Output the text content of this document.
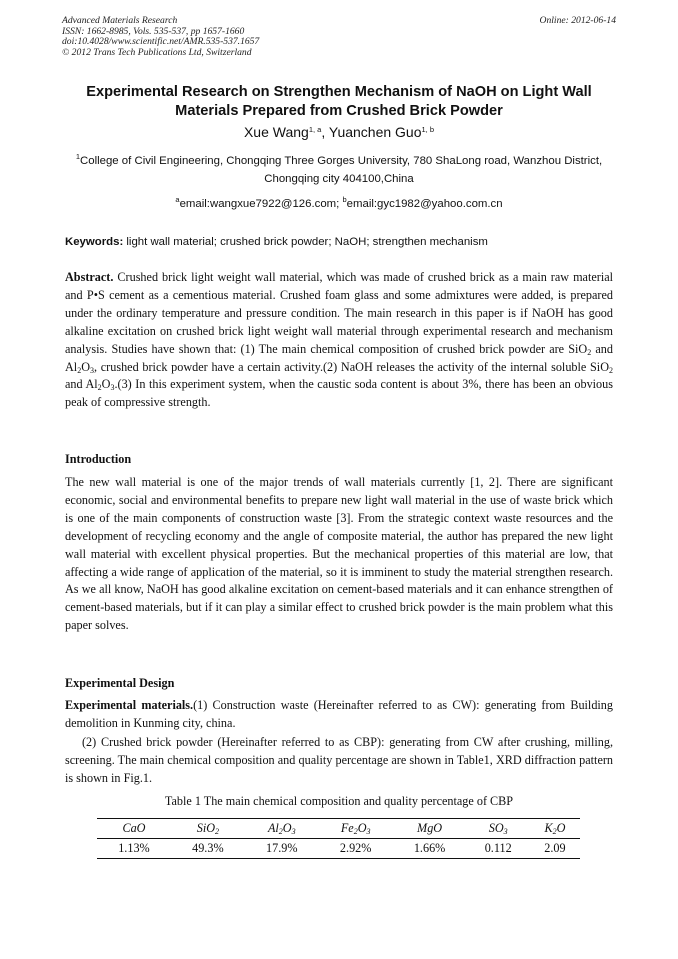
Advanced Materials Research
ISSN: 1662-8985, Vols. 535-537, pp 1657-1660
doi:10.4028/www.scientific.net/AMR.535-537.1657
© 2012 Trans Tech Publications Ltd, Switzerland
Online: 2012-06-14
Experimental Research on Strengthen Mechanism of NaOH on Light Wall
Materials Prepared from Crushed Brick Powder
Xue Wang$^{1, a}$, Yuanchen Guo$^{1, b}$
$^1$College of Civil Engineering, Chongqing Three Gorges University, 780 ShaLong road, Wanzhou District, Chongqing city 404100,China
$^a$email:wangxue7922@126.com; $^b$email:gyc1982@yahoo.com.cn
Keywords: light wall material; crushed brick powder; NaOH; strengthen mechanism
Abstract. Crushed brick light weight wall material, which was made of crushed brick as a main raw material and P•S cement as a cementious material. Crushed foam glass and some admixtures were added, is prepared under the ordinary temperature and pressure condition. The main research in this paper is if NaOH has good alkaline excitation on crushed brick light weight wall material through experimental research and mechanism analysis. Studies have shown that: (1) The main chemical composition of crushed brick powder are SiO$_2$ and $Al_2O_3$, crushed brick powder have a certain activity.(2) NaOH releases the activity of the internal soluble SiO$_2$ and $Al_2O_3.(3)$ In this experiment system, when the caustic soda content is about 3%, there has been an obvious peak of compressive strength.
Introduction
The new wall material is one of the major trends of wall materials currently [1, 2]. There are significant economic, social and environmental benefits to prepare new light wall material in the use of waste brick which is one of the main components of construction waste [3]. From the strategic context waste resources and the development of recycling economy and the angle of composite material, the author has prepared the new light wall material with excellent physical properties. But the mechanical properties of this material are low, that affecting a wide range of application of the material, so it is imminent to study the material strengthen research. As we all know, NaOH has good alkaline excitation on cement-based materials and it can enhance strengthen of cement-based materials, but if it can play a similar effect to crushed brick powder is the main problem what this paper solves.
Experimental Design
Experimental materials.(1) Construction waste (Hereinafter referred to as CW): generating from Building demolition in Kunming city, china.
(2) Crushed brick powder (Hereinafter referred to as CBP): generating from CW after crushing, milling, screening. The main chemical composition and quality percentage are shown in Table1, XRD diffraction pattern is shown in Fig.1.
Table 1 The main chemical composition and quality percentage of CBP
CaO	SiO$_2$	$Al_2O_3$	$Fe_2O_3$	MgO	$SO_3$	$K_2O$
1.13%	49.3%	17.9%	2.92%	1.66%	0.112	2.09
